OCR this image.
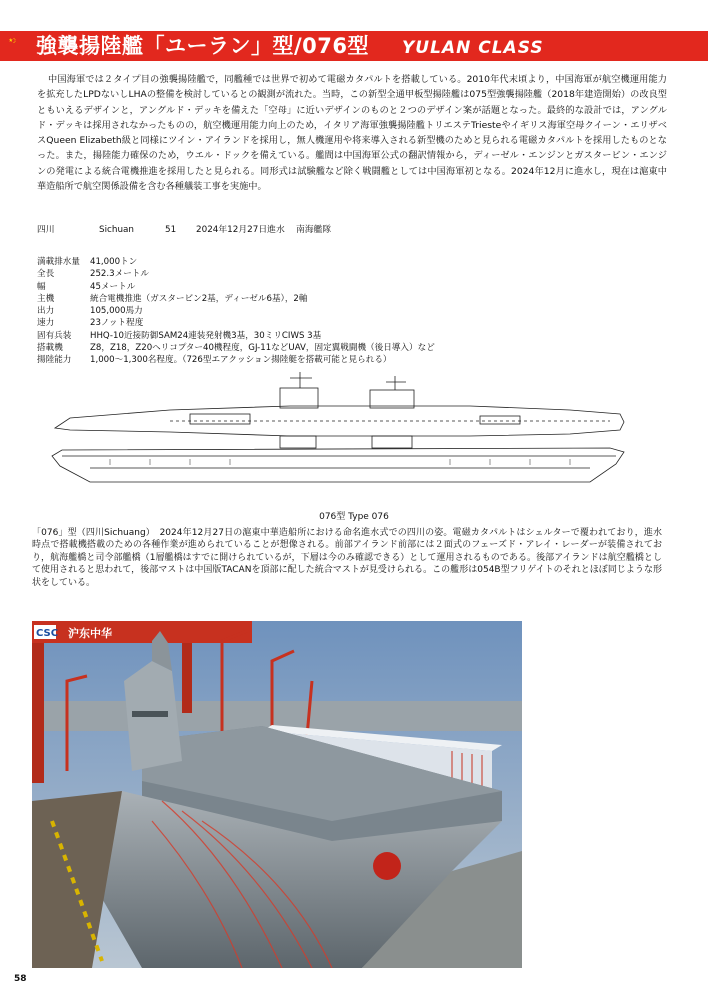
強襲揚陸艦「ユーラン」型/076型 YULAN CLASS

中国海軍では２タイプ目の強襲揚陸艦で，同艦種では世界で初めて電磁カタパルトを搭載している。2010年代末頃より，中国海軍が航空機運用能力を拡充したLPDないしLHAの整備を検討しているとの観測が流れた。当時，この新型全通甲板型揚陸艦は075型強襲揚陸艦（2018年建造開始）の改良型ともいえるデザインと，アングルド・デッキを備えた「空母」に近いデザインのものと２つのデザイン案が話題となった。最終的な設計では，アングルド・デッキは採用されなかったものの，航空機運用能力向上のため，イタリア海軍強襲揚陸艦トリエステTriesteやイギリス海軍空母クイーン・エリザベスQueen Elizabeth級と同様にツイン・アイランドを採用し，無人機運用や将来導入される新型機のためと見られる電磁カタパルトを採用したものとなった。また，揚陸能力確保のため，ウエル・ドックを備えている。艦間は中国海軍公式の翻訳情報から，ディーゼル・エンジンとガスタービン・エンジンの発電による統合電機推進を採用したと見られる。同形式は試験艦など除く戦闘艦としては中国海軍初となる。2024年12月に進水し，現在は滬東中華造船所で航空関係設備を含む各種艤装工事を実施中。

四川	Sichuan	51 2024年12月27日進水 南海艦隊
満載排水量	41,000トン
全長	252.3メートル
幅	45メートル
主機	統合電機推進（ガスタービン2基，ディーゼル6基），2軸
出力	105,000馬力
速力	23ノット程度
固有兵装	HHQ-10近接防御SAM24連装発射機3基，30ミリCIWS 3基
搭載機	Z8，Z18，Z20ヘリコプター40機程度，GJ-11などUAV，固定翼戦闘機（後日導入）など
揚陸能力	1,000〜1,300名程度。（726型エアクッション揚陸艇を搭載可能と見られる）
076型 Type 076

「076」型（四川Sichuang）　2024年12月27日の滬東中華造船所における命名進水式での四川の姿。電磁カタパルトはシェルターで覆われており，進水時点で搭載機搭載のための各種作業が進められていることが想像される。前部アイランド前部には２面式のフェーズド・アレイ・レーダーが装備されており，航海艦橋と司令部艦橋（1層艦橋はすでに開けられているが，下層は今のみ確認できる）として運用されるものである。後部アイランドは航空艦橋として使用されると思われて，後部マストは中国版TACANを頂部に配した統合マストが見受けられる。この艦形は054B型フリゲイトのそれとほぼ同じような形状をしている。

CSC 沪东中华
58
